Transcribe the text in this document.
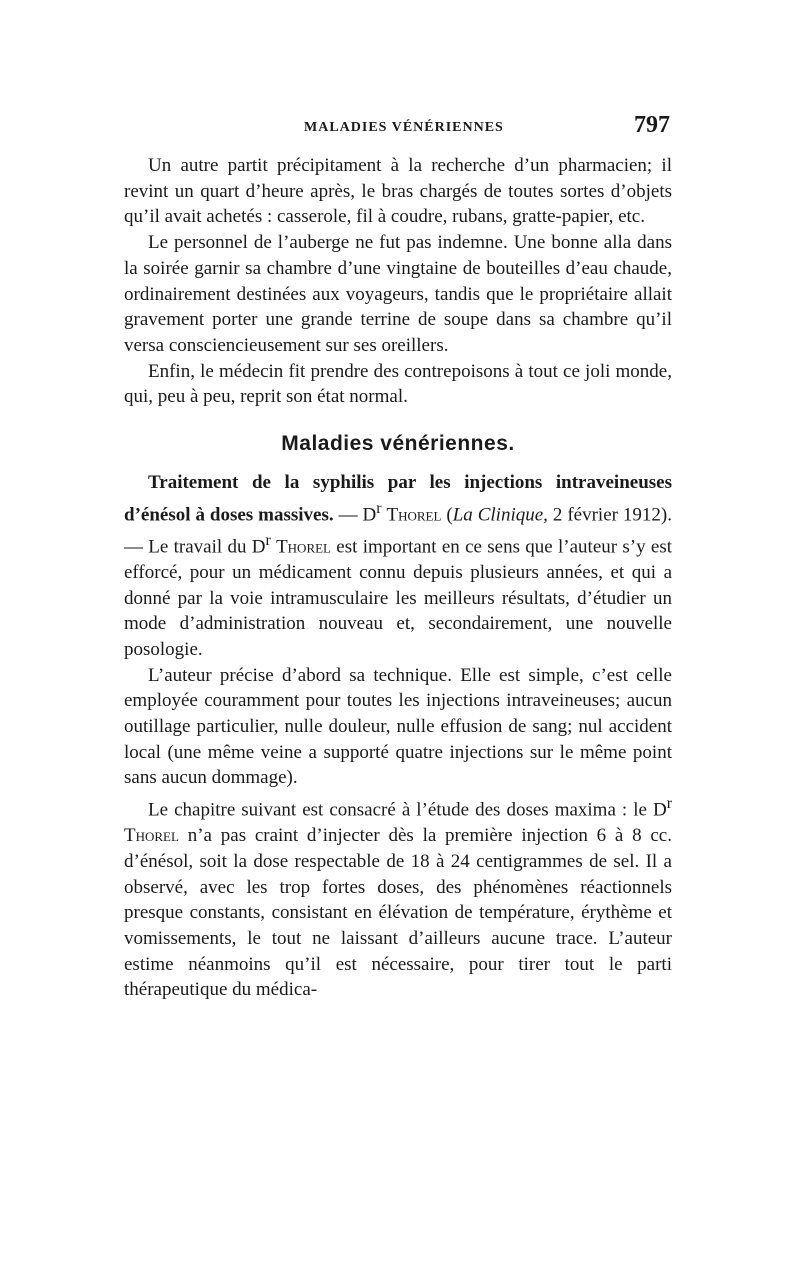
MALADIES VÉNÉRIENNES	797

Un autre partit précipitament à la recherche d’un pharmacien; il revint un quart d’heure après, le bras chargés de toutes sortes d’objets qu’il avait achetés : casserole, fil à coudre, rubans, gratte-papier, etc.

Le personnel de l’auberge ne fut pas indemne. Une bonne alla dans la soirée garnir sa chambre d’une vingtaine de bouteilles d’eau chaude, ordinairement destinées aux voyageurs, tandis que le propriétaire allait gravement porter une grande terrine de soupe dans sa chambre qu’il versa consciencieusement sur ses oreillers.

Enfin, le médecin fit prendre des contrepoisons à tout ce joli monde, qui, peu à peu, reprit son état normal.

Maladies vénériennes.

Traitement de la syphilis par les injections intraveineuses d’énésol à doses massives. — $D^r$ Thorel (La Clinique, 2 février 1912). — Le travail du $D^r$ Thorel est important en ce sens que l’auteur s’y est efforcé, pour un médicament connu depuis plusieurs années, et qui a donné par la voie intramusculaire les meilleurs résultats, d’étudier un mode d’administration nouveau et, secondairement, une nouvelle posologie.

L’auteur précise d’abord sa technique. Elle est simple, c’est celle employée couramment pour toutes les injections intraveineuses; aucun outillage particulier, nulle douleur, nulle effusion de sang; nul accident local (une même veine a supporté quatre injections sur le même point sans aucun dommage).

Le chapitre suivant est consacré à l’étude des doses maxima : le $D^r$ Thorel n’a pas craint d’injecter dès la première injection 6 à 8 cc. d’énésol, soit la dose respectable de 18 à 24 centigrammes de sel. Il a observé, avec les trop fortes doses, des phénomènes réactionnels presque constants, consistant en élévation de température, érythème et vomissements, le tout ne laissant d’ailleurs aucune trace. L’auteur estime néanmoins qu’il est nécessaire, pour tirer tout le parti thérapeutique du médica-
